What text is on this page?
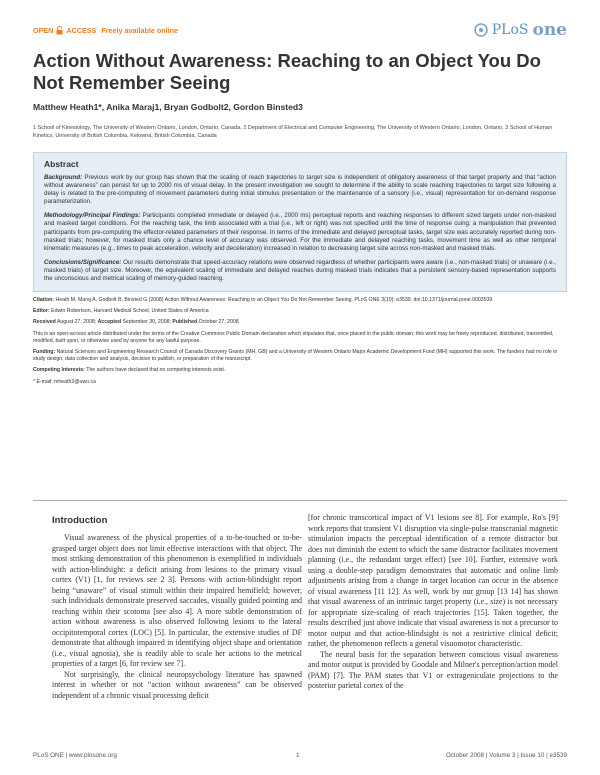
OPEN ACCESS Freely available online	PLoS one
Action Without Awareness: Reaching to an Object You Do Not Remember Seeing
Matthew Heath1*, Anika Maraj1, Bryan Godbolt2, Gordon Binsted3
1 School of Kinesiology, The University of Western Ontario, London, Ontario, Canada, 2 Department of Electrical and Computer Engineering, The University of Western Ontario, London, Ontario, 3 School of Human Kinetics, University of British Columbia, Kelowna, British Columbia, Canada
Abstract

Background: Previous work by our group has shown that the scaling of reach trajectories to target size is independent of obligatory awareness of that target property and that “action without awareness” can persist for up to 2000 ms of visual delay. In the present investigation we sought to determine if the ability to scale reaching trajectories to target size following a delay is related to the pre-computing of movement parameters during initial stimulus presentation or the maintenance of a sensory (i.e., visual) representation for on-demand response parameterization.

Methodology/Principal Findings: Participants completed immediate or delayed (i.e., 2000 ms) perceptual reports and reaching responses to different sized targets under non-masked and masked target conditions. For the reaching task, the limb associated with a trial (i.e., left or right) was not specified until the time of response cuing: a manipulation that prevented participants from pre-computing the effector-related parameters of their response. In terms of the immediate and delayed perceptual tasks, target size was accurately reported during non-masked trials; however, for masked trials only a chance level of accuracy was observed. For the immediate and delayed reaching tasks, movement time as well as other temporal kinematic measures (e.g., times to peak acceleration, velocity and deceleration) increased in relation to decreasing target size across non-masked and masked trials.

Conclusions/Significance: Our results demonstrate that speed-accuracy relations were observed regardless of whether participants were aware (i.e., non-masked trials) or unaware (i.e., masked trials) of target size. Moreover, the equivalent scaling of immediate and delayed reaches during masked trials indicates that a persistent sensory-based representation supports the unconscious and metrical scaling of memory-guided reaching.

Citation: Heath M, Maraj A, Godbolt B, Binsted G (2008) Action Without Awareness: Reaching to an Object You Do Not Remember Seeing. PLoS ONE 3(10): e3539. doi:10.1371/journal.pone.0003539

Editor: Edwin Robertson, Harvard Medical School, United States of America

Received August 27, 2008; Accepted September 30, 2008; Published October 27, 2008

This is an open-access article distributed under the terms of the Creative Commons Public Domain declaration which stipulates that, once placed in the public domain, this work may be freely reproduced, distributed, transmitted, modified, built upon, or otherwise used by anyone for any lawful purpose.

Funding: Natural Sciences and Engineering Research Council of Canada Discovery Grants (MH, GB) and a University of Western Ontario Major Academic Development Fund (MH) supported this work. The funders had no role in study design, data collection and analysis, decision to publish, or preparation of the manuscript.

Competing Interests: The authors have declared that no competing interests exist.

* E-mail: mheath2@uwo.ca

Introduction

Visual awareness of the physical properties of a to-be-touched or to-be-grasped target object does not limit effective interactions with that object. The most striking demonstration of this phenomenon is exemplified in individuals with action-blindsight: a deficit arising from lesions to the primary visual cortex (V1) [1, for reviews see 2 3]. Persons with action-blindsight report being “unaware” of visual stimuli within their impaired hemifield; however, such individuals demonstrate preserved saccades, visually guided pointing and reaching within their scotoma [see also 4]. A more subtle demonstration of action without awareness is also observed following lesions to the lateral occipitotemporal cortex (LOC) [5]. In particular, the extensive studies of DF demonstrate that although impaired in identifying object shape and orientation (i.e., visual agnosia), she is readily able to scale her actions to the metrical properties of a target [6, for review see 7].

Not surprisingly, the clinical neuropsychology literature has spawned interest in whether or not “action without awareness” can be observed independent of a chronic visual processing deficit

[for chronic transcortical impact of V1 lesions see 8]. For example, Ro's [9] work reports that transient V1 disruption via single-pulse transcranial magnetic stimulation impacts the perceptual identification of a remote distractor but does not diminish the extent to which the same distractor facilitates movement planning (i.e., the redundant target effect) [see 10]. Further, extensive work using a double-step paradigm demonstrates that automatic and online limb adjustments arising from a change in target location can occur in the absence of visual awareness [11 12]. As well, work by our group [13 14] has shown that visual awareness of an intrinsic target property (i.e., size) is not necessary for appropriate size-scaling of reach trajectories [15]. Taken together, the results described just above indicate that visual awareness is not a precursor to motor output and that action-blindsight is not a restrictive clinical deficit; rather, the phenomenon reflects a general visuomotor characteristic.

The neural basis for the separation between conscious visual awareness and motor output is provided by Goodale and Milner's perception/action model (PAM) [7]. The PAM states that V1 or extrageniculate projections to the posterior parietal cortex of the

PLoS ONE | www.plosone.org	1	October 2008 | Volume 3 | Issue 10 | e3539
